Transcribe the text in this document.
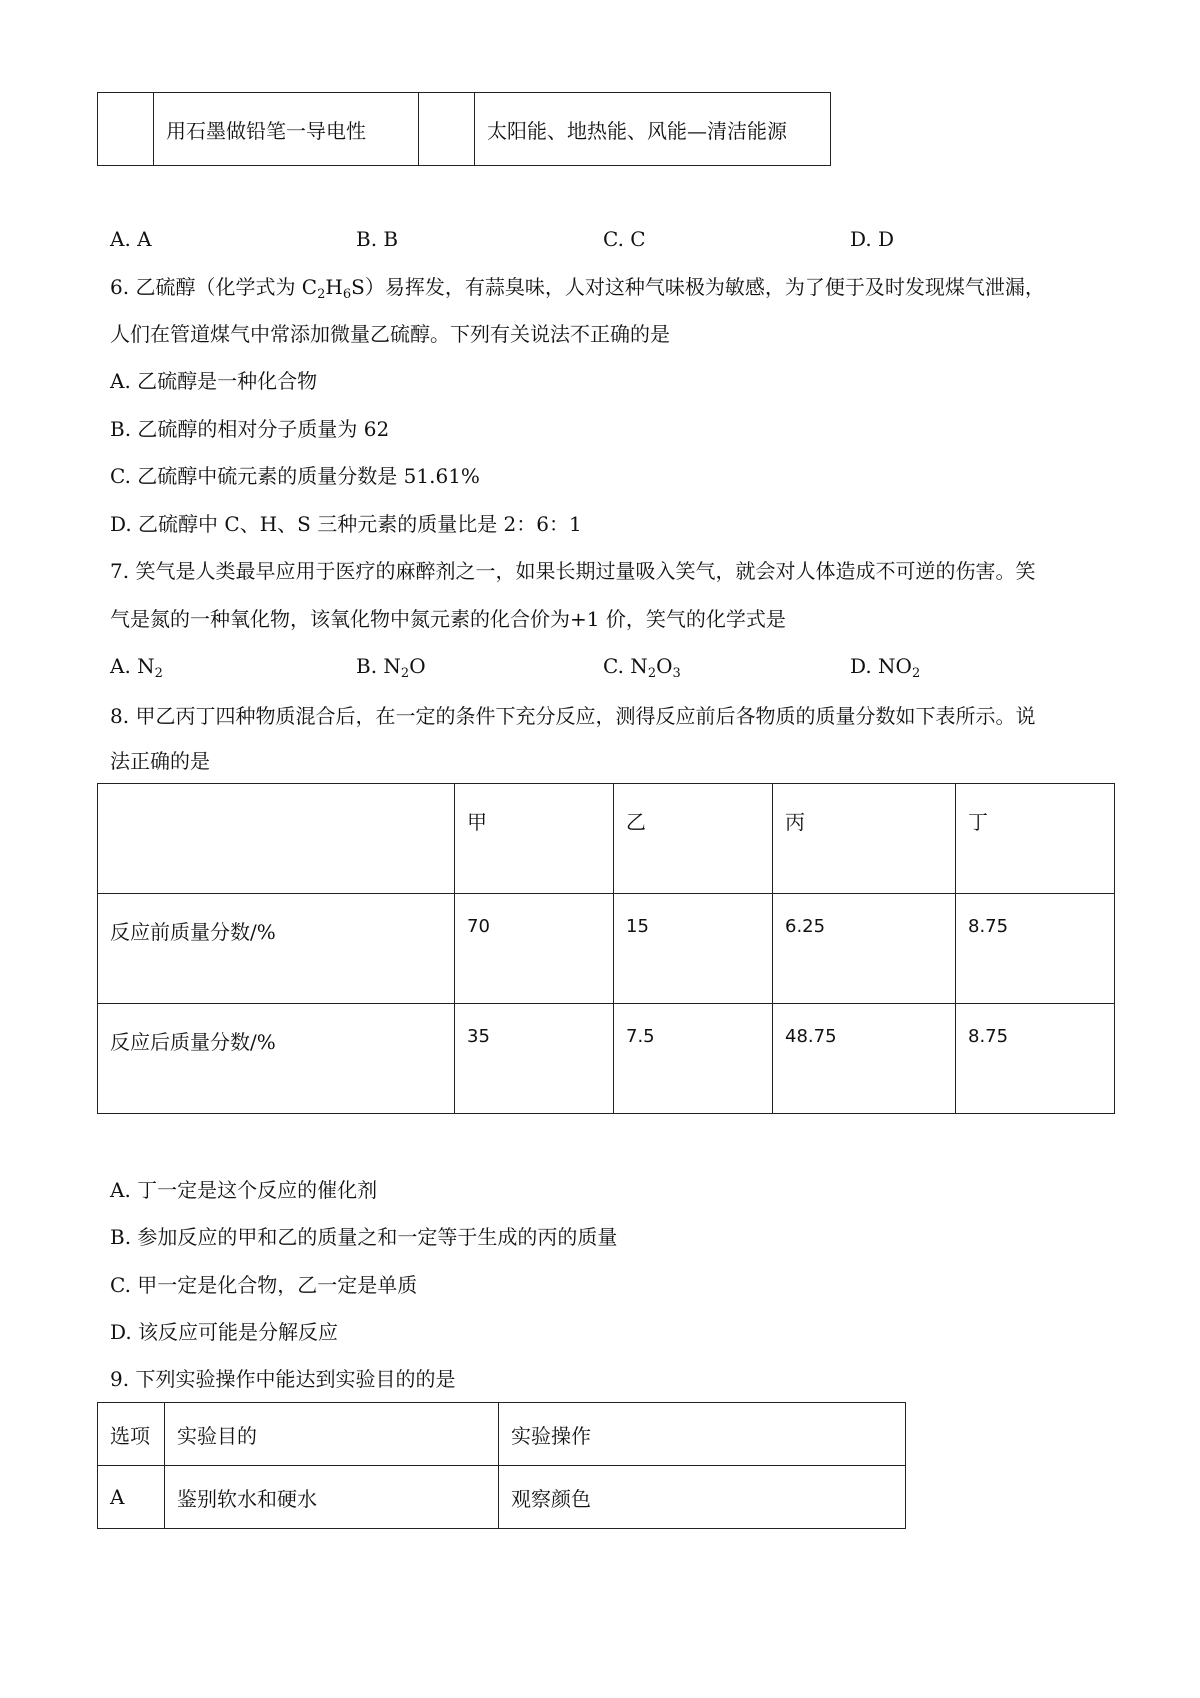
	用石墨做铅笔一导电性		太阳能、地热能、风能—清洁能源
A. A	B. B	C. C	D. D
6. 乙硫醇（化学式为 $C_2H_6S$）易挥发，有蒜臭味，人对这种气味极为敏感，为了便于及时发现煤气泄漏，
人们在管道煤气中常添加微量乙硫醇。下列有关说法不正确的是
A. 乙硫醇是一种化合物
B. 乙硫醇的相对分子质量为 62
C. 乙硫醇中硫元素的质量分数是 51.61%
D. 乙硫醇中 C、H、S 三种元素的质量比是 2：6：1
7. 笑气是人类最早应用于医疗的麻醉剂之一，如果长期过量吸入笑气，就会对人体造成不可逆的伤害。笑
气是氮的一种氧化物，该氧化物中氮元素的化合价为+1 价，笑气的化学式是
A. $N_2$	B. $N_2O$	C. $N_2O_3$	D. $NO_2$
8. 甲乙丙丁四种物质混合后，在一定的条件下充分反应，测得反应前后各物质的质量分数如下表所示。说
法正确的是
	甲	乙	丙	丁
反应前质量分数/%	70	15	6.25	8.75
反应后质量分数/%	35	7.5	48.75	8.75
A. 丁一定是这个反应的催化剂
B. 参加反应的甲和乙的质量之和一定等于生成的丙的质量
C. 甲一定是化合物，乙一定是单质
D. 该反应可能是分解反应
9. 下列实验操作中能达到实验目的的是
选项	实验目的	实验操作
A	鉴别软水和硬水	观察颜色
